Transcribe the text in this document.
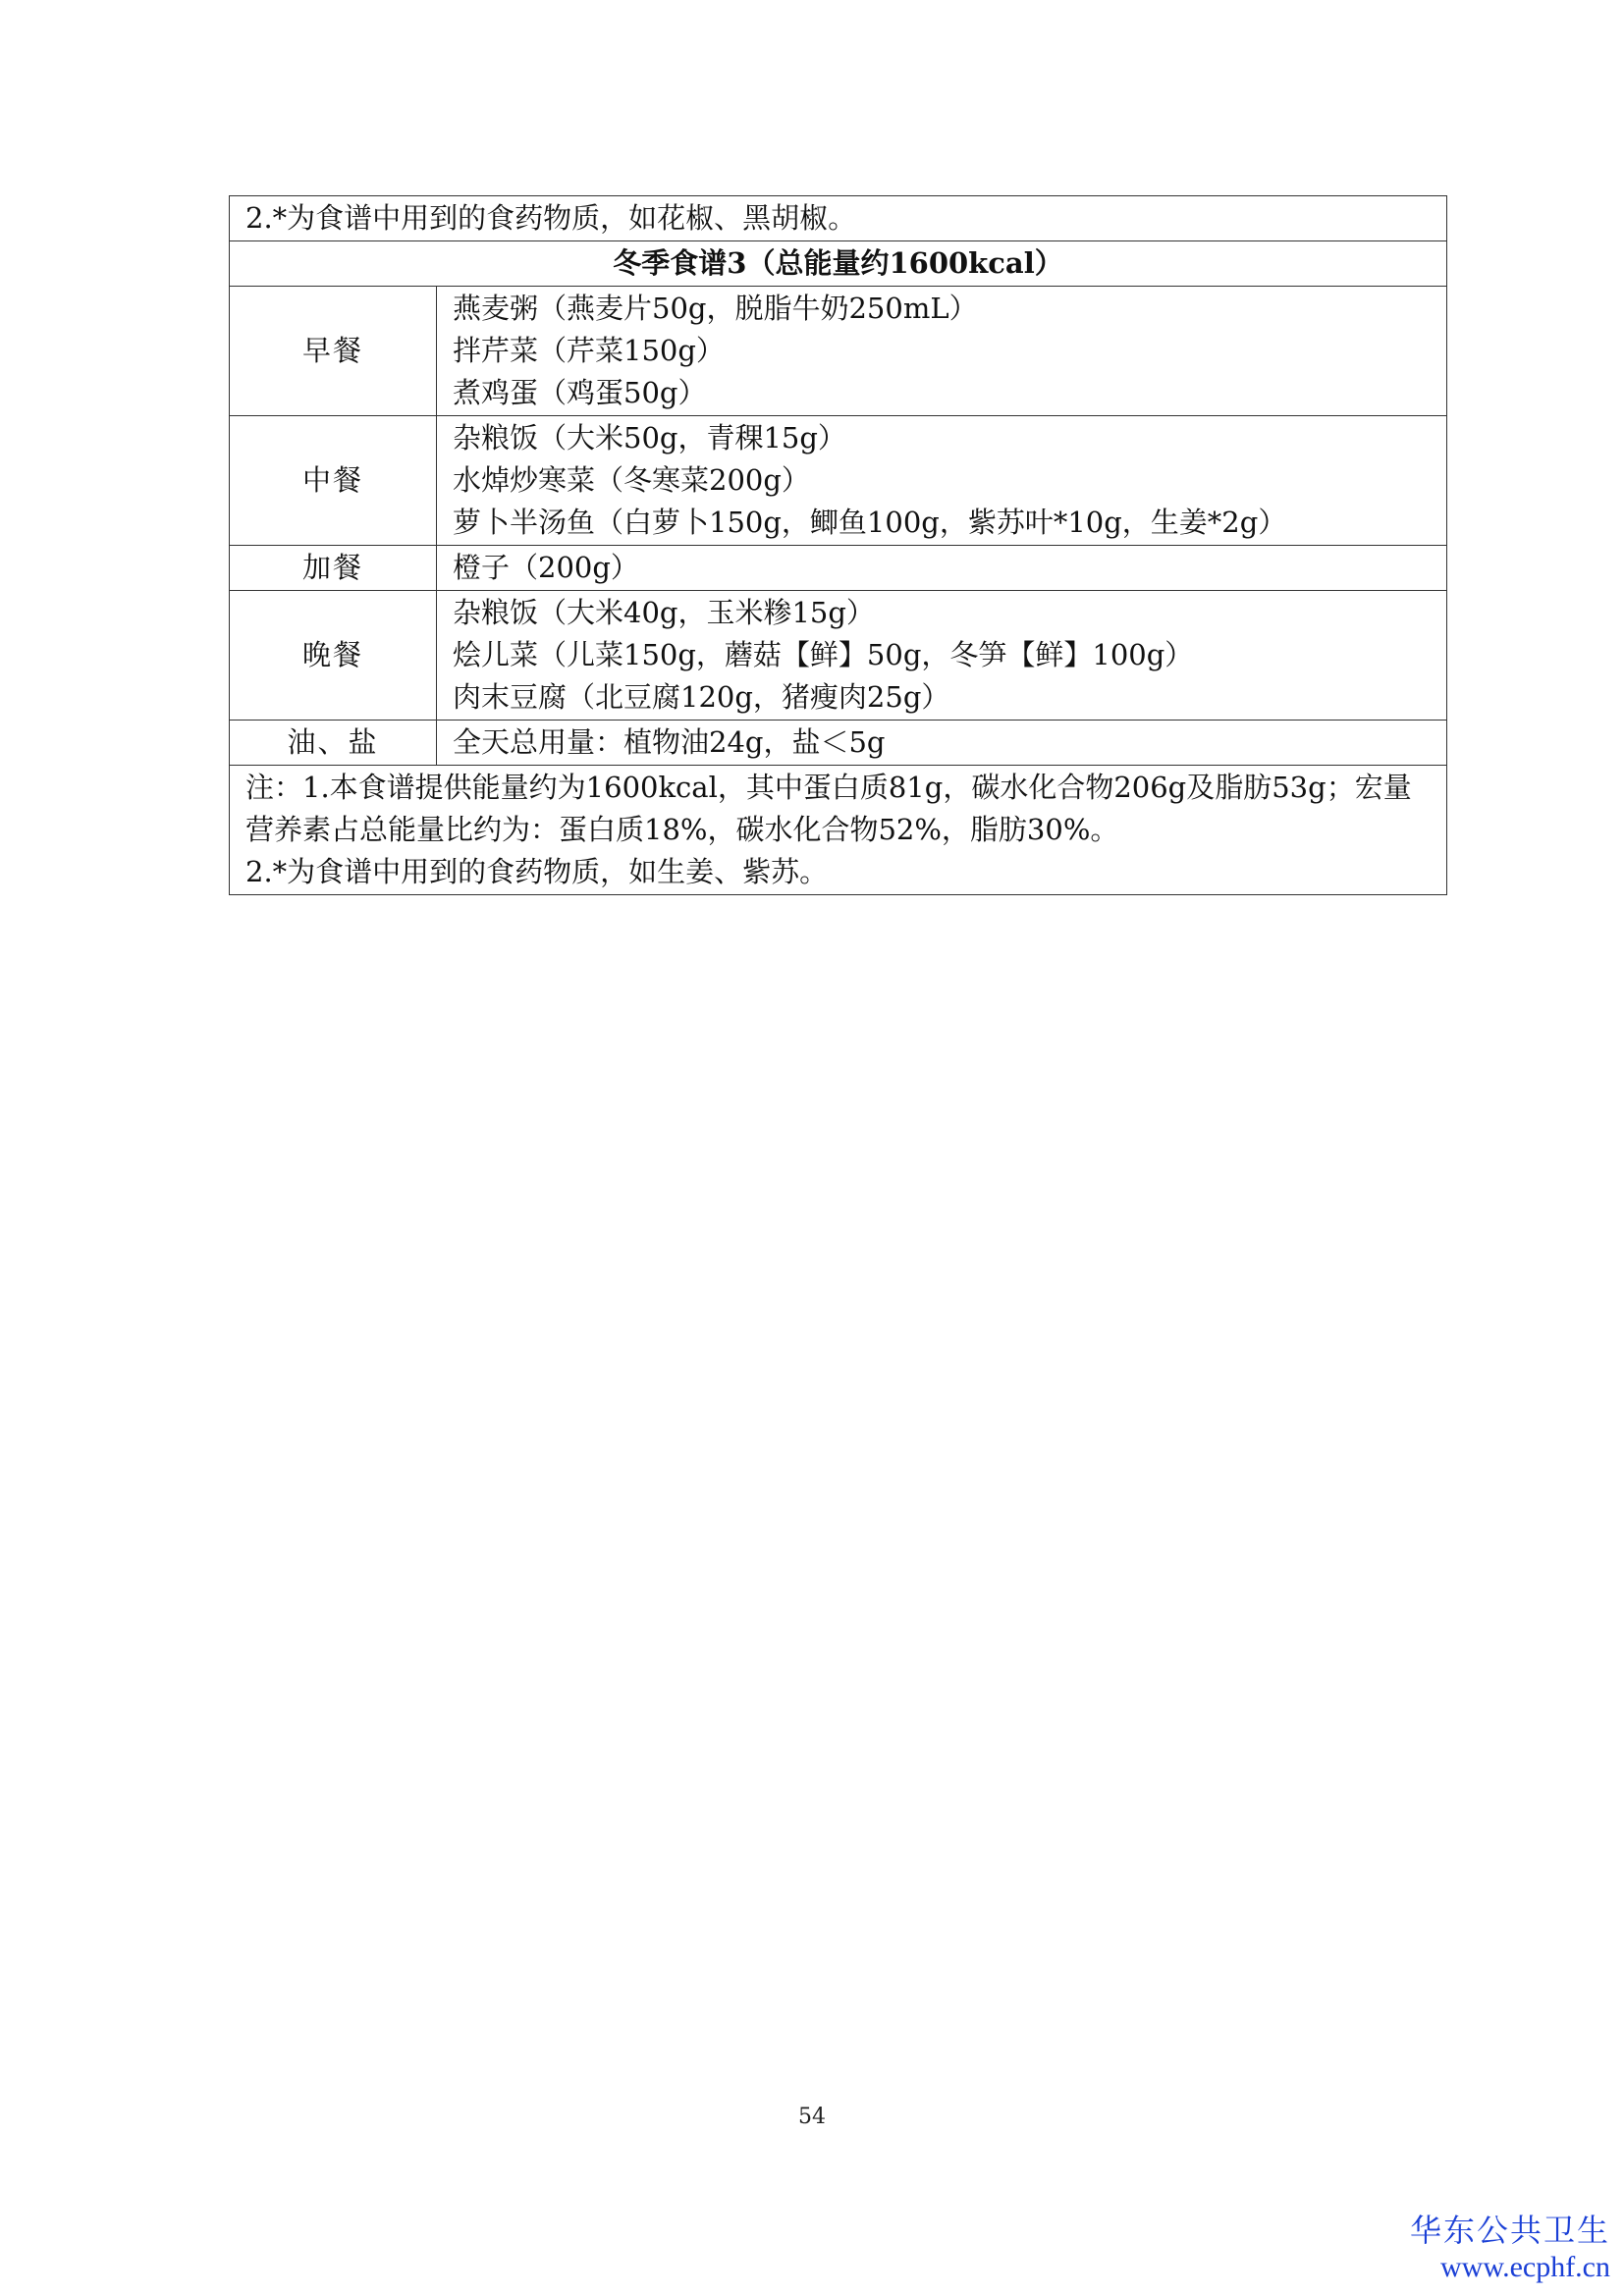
2.*为食谱中用到的食药物质，如花椒、黑胡椒。	
冬季食谱3（总能量约1600kcal）	
早餐	燕麦粥（燕麦片50g，脱脂牛奶250mL）
拌芹菜（芹菜150g）
煮鸡蛋（鸡蛋50g）

中餐	杂粮饭（大米50g，青稞15g）
水焯炒寒菜（冬寒菜200g）
萝卜半汤鱼（白萝卜150g，鲫鱼100g，紫苏叶*10g，生姜*2g）

加餐	橙子（200g）

晚餐	杂粮饭（大米40g，玉米糁15g）
烩儿菜（儿菜150g，蘑菇【鲜】50g，冬笋【鲜】100g）
肉末豆腐（北豆腐120g，猪瘦肉25g）

油、盐	全天总用量：植物油24g，盐＜5g

注：1.本食谱提供能量约为1600kcal，其中蛋白质81g，碳水化合物206g及脂肪53g；宏量营养素占总能量比约为：蛋白质18%，碳水化合物52%，脂肪30%。
2.*为食谱中用到的食药物质，如生姜、紫苏。	
54
华东公共卫生
www.ecphf.cn
